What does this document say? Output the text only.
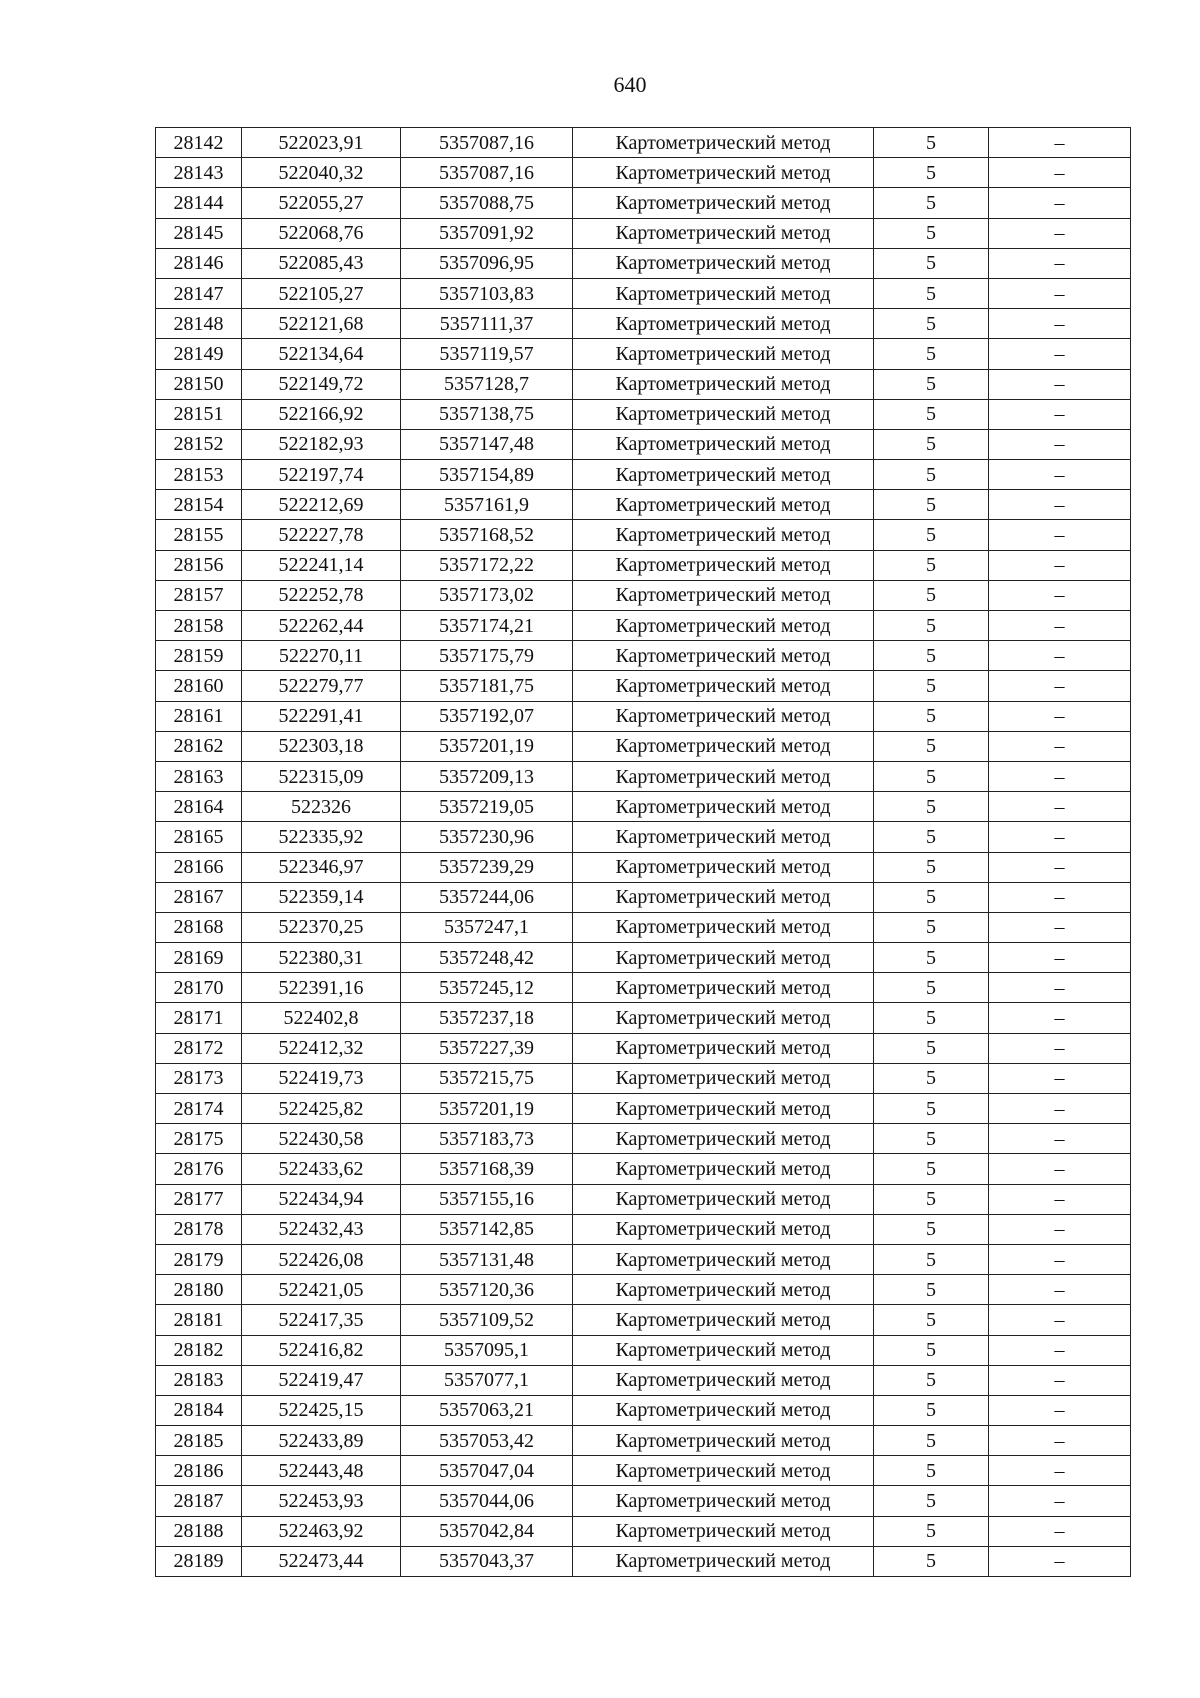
640
28142	522023,91	5357087,16	Картометрический метод	5	–
28143	522040,32	5357087,16	Картометрический метод	5	–
28144	522055,27	5357088,75	Картометрический метод	5	–
28145	522068,76	5357091,92	Картометрический метод	5	–
28146	522085,43	5357096,95	Картометрический метод	5	–
28147	522105,27	5357103,83	Картометрический метод	5	–
28148	522121,68	5357111,37	Картометрический метод	5	–
28149	522134,64	5357119,57	Картометрический метод	5	–
28150	522149,72	5357128,7	Картометрический метод	5	–
28151	522166,92	5357138,75	Картометрический метод	5	–
28152	522182,93	5357147,48	Картометрический метод	5	–
28153	522197,74	5357154,89	Картометрический метод	5	–
28154	522212,69	5357161,9	Картометрический метод	5	–
28155	522227,78	5357168,52	Картометрический метод	5	–
28156	522241,14	5357172,22	Картометрический метод	5	–
28157	522252,78	5357173,02	Картометрический метод	5	–
28158	522262,44	5357174,21	Картометрический метод	5	–
28159	522270,11	5357175,79	Картометрический метод	5	–
28160	522279,77	5357181,75	Картометрический метод	5	–
28161	522291,41	5357192,07	Картометрический метод	5	–
28162	522303,18	5357201,19	Картометрический метод	5	–
28163	522315,09	5357209,13	Картометрический метод	5	–
28164	522326	5357219,05	Картометрический метод	5	–
28165	522335,92	5357230,96	Картометрический метод	5	–
28166	522346,97	5357239,29	Картометрический метод	5	–
28167	522359,14	5357244,06	Картометрический метод	5	–
28168	522370,25	5357247,1	Картометрический метод	5	–
28169	522380,31	5357248,42	Картометрический метод	5	–
28170	522391,16	5357245,12	Картометрический метод	5	–
28171	522402,8	5357237,18	Картометрический метод	5	–
28172	522412,32	5357227,39	Картометрический метод	5	–
28173	522419,73	5357215,75	Картометрический метод	5	–
28174	522425,82	5357201,19	Картометрический метод	5	–
28175	522430,58	5357183,73	Картометрический метод	5	–
28176	522433,62	5357168,39	Картометрический метод	5	–
28177	522434,94	5357155,16	Картометрический метод	5	–
28178	522432,43	5357142,85	Картометрический метод	5	–
28179	522426,08	5357131,48	Картометрический метод	5	–
28180	522421,05	5357120,36	Картометрический метод	5	–
28181	522417,35	5357109,52	Картометрический метод	5	–
28182	522416,82	5357095,1	Картометрический метод	5	–
28183	522419,47	5357077,1	Картометрический метод	5	–
28184	522425,15	5357063,21	Картометрический метод	5	–
28185	522433,89	5357053,42	Картометрический метод	5	–
28186	522443,48	5357047,04	Картометрический метод	5	–
28187	522453,93	5357044,06	Картометрический метод	5	–
28188	522463,92	5357042,84	Картометрический метод	5	–
28189	522473,44	5357043,37	Картометрический метод	5	–
